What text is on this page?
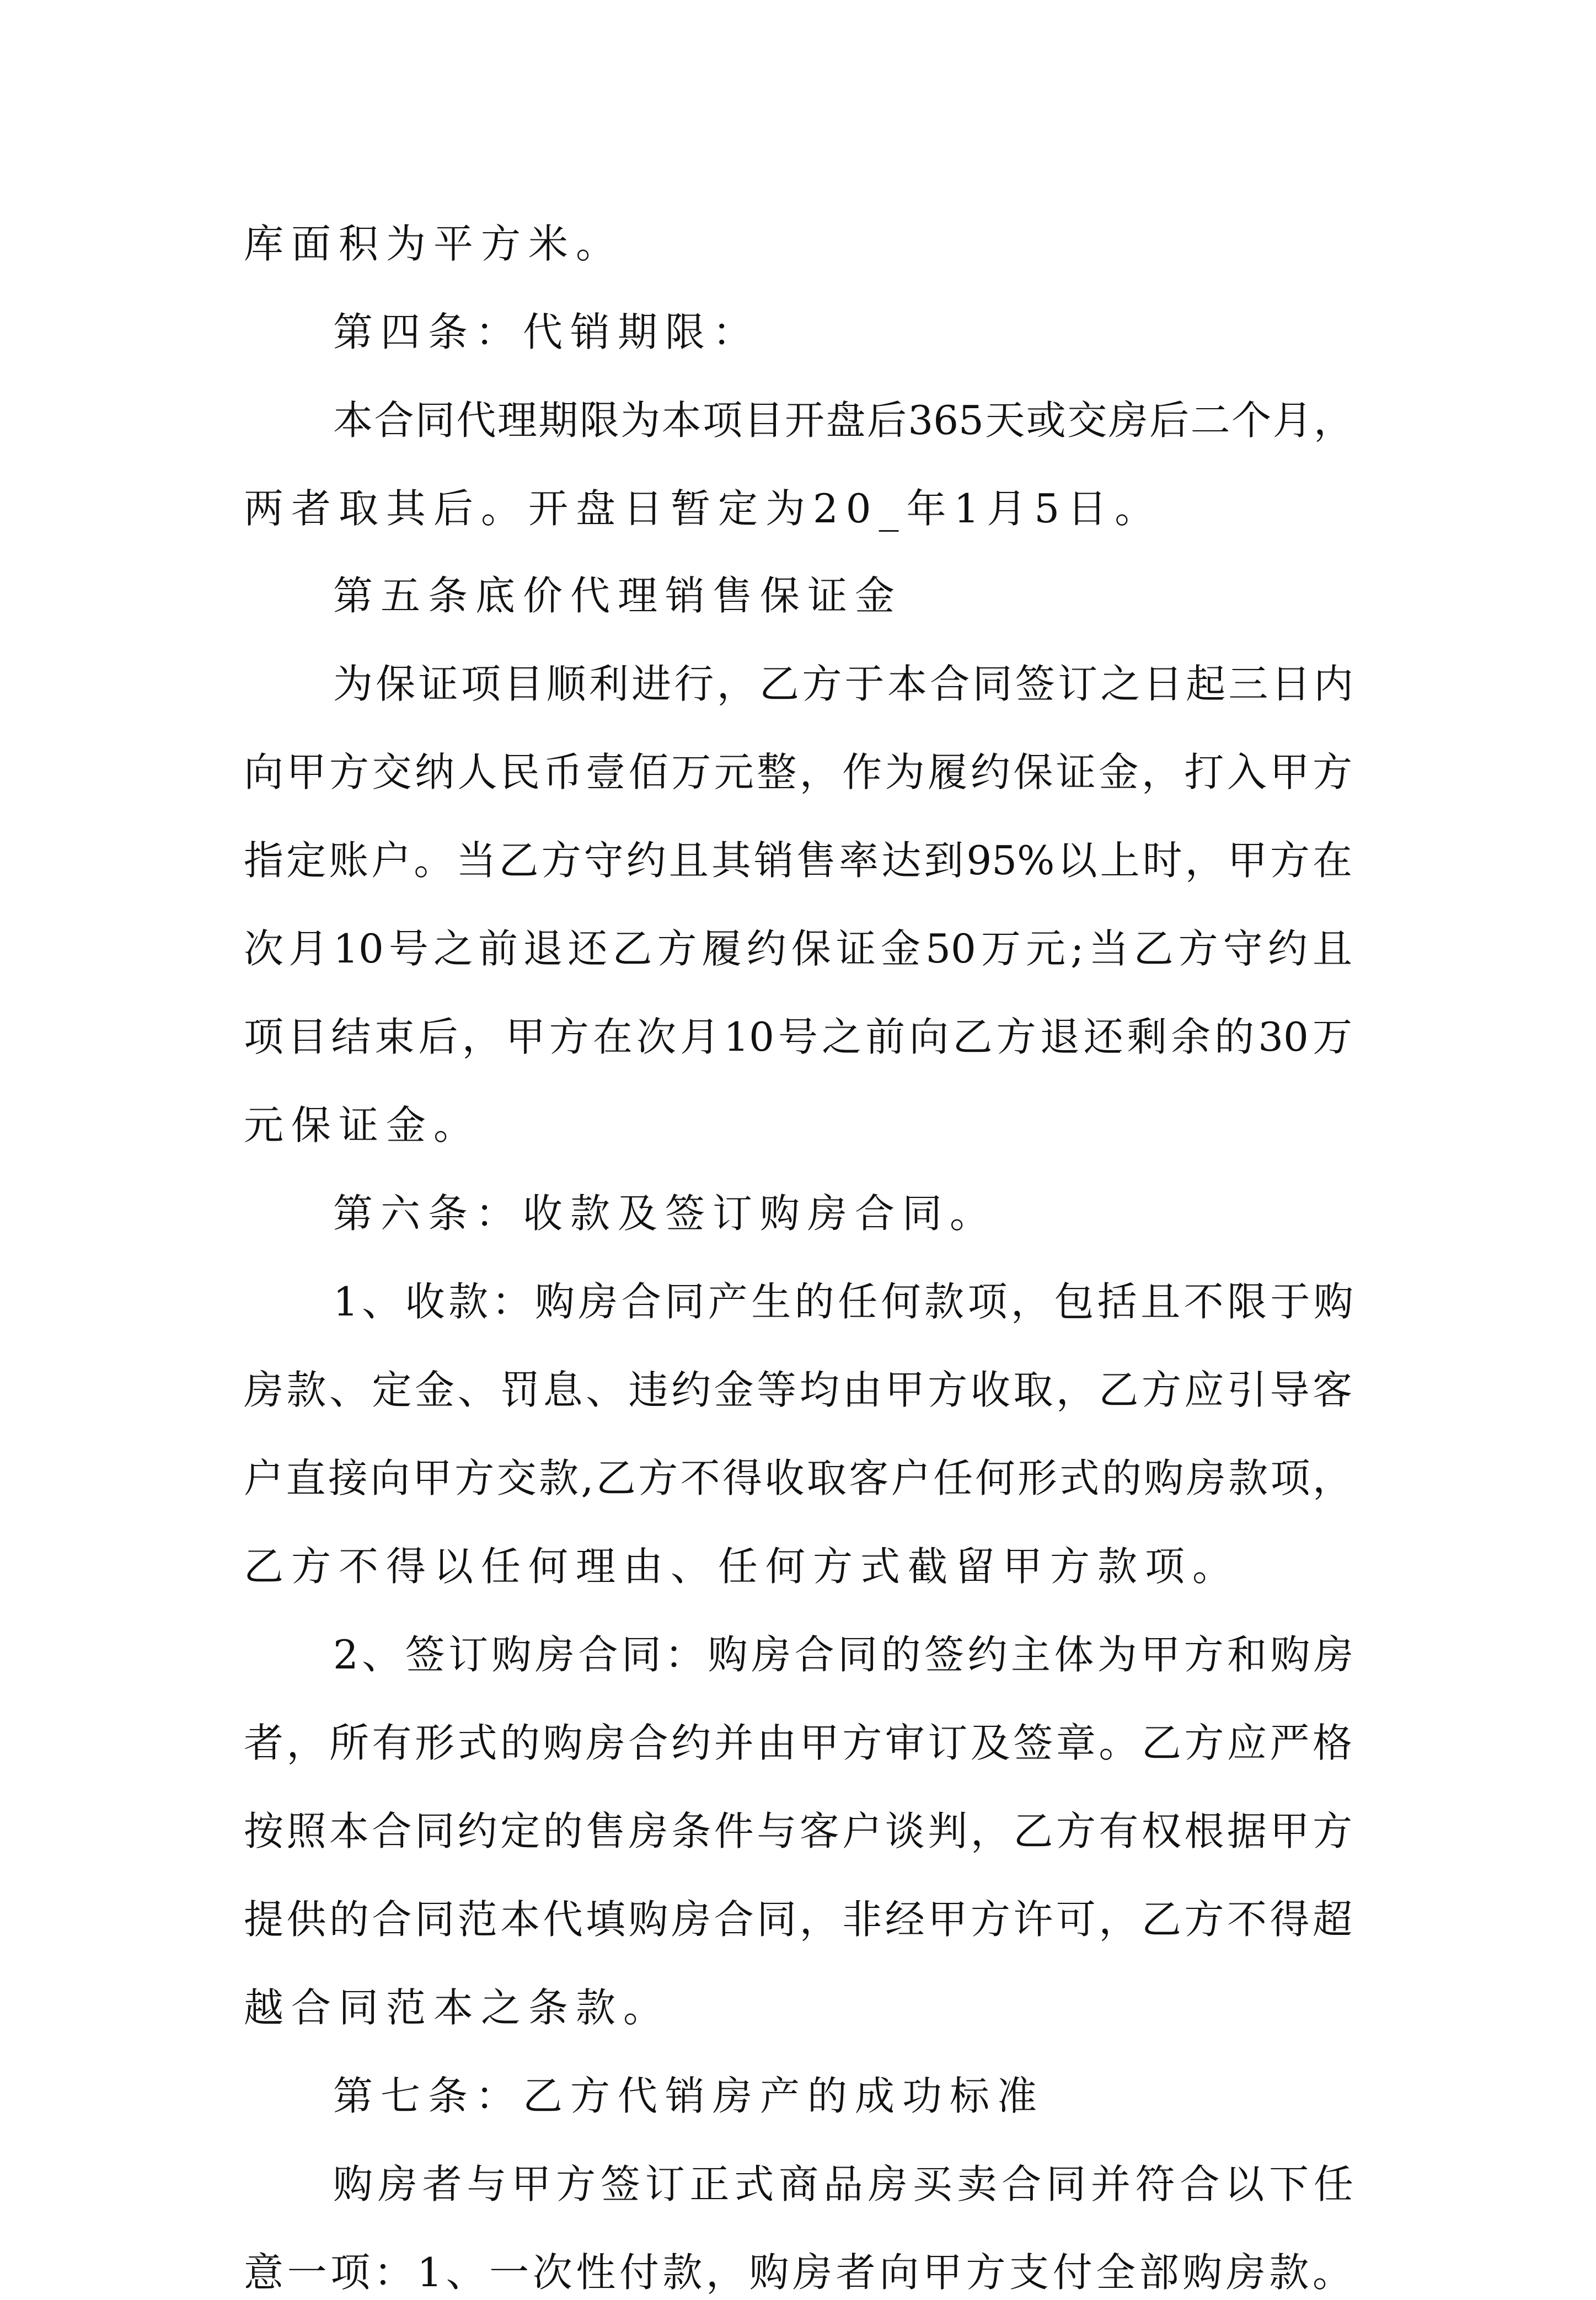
库面积为平方米。
第四条：代销期限：
本合同代理期限为本项目开盘后365天或交房后二个月，
两者取其后。开盘日暂定为20_年1月5日。
第五条底价代理销售保证金
为保证项目顺利进行，乙方于本合同签订之日起三日内
向甲方交纳人民币壹佰万元整，作为履约保证金，打入甲方
指定账户。当乙方守约且其销售率达到95%以上时，甲方在
次月10号之前退还乙方履约保证金50万元;当乙方守约且
项目结束后，甲方在次月10号之前向乙方退还剩余的30万
元保证金。
第六条：收款及签订购房合同。
1、收款：购房合同产生的任何款项，包括且不限于购
房款、定金、罚息、违约金等均由甲方收取，乙方应引导客
户直接向甲方交款,乙方不得收取客户任何形式的购房款项，
乙方不得以任何理由、任何方式截留甲方款项。
2、签订购房合同：购房合同的签约主体为甲方和购房
者，所有形式的购房合约并由甲方审订及签章。乙方应严格
按照本合同约定的售房条件与客户谈判，乙方有权根据甲方
提供的合同范本代填购房合同，非经甲方许可，乙方不得超
越合同范本之条款。
第七条：乙方代销房产的成功标准
购房者与甲方签订正式商品房买卖合同并符合以下任
意一项：1、一次性付款，购房者向甲方支付全部购房款。
